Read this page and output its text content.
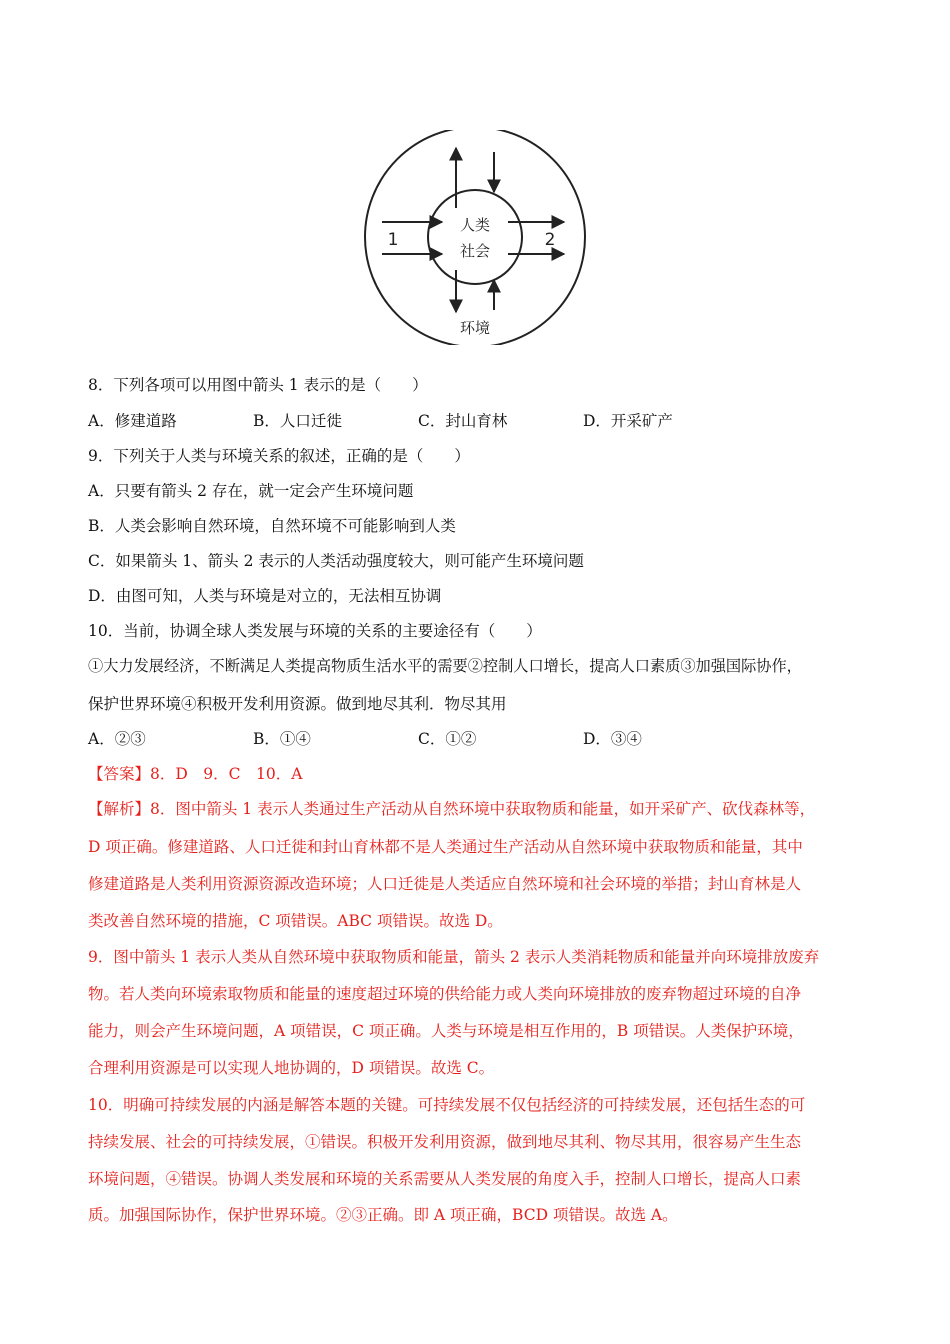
人类
社会
1	2
环境
8．下列各项可以用图中箭头 1 表示的是（　　）
A．修建道路	B．人口迁徙	C．封山育林	D．开采矿产
9．下列关于人类与环境关系的叙述，正确的是（　　）
A．只要有箭头 2 存在，就一定会产生环境问题
B．人类会影响自然环境，自然环境不可能影响到人类
C．如果箭头 1、箭头 2 表示的人类活动强度较大，则可能产生环境问题
D．由图可知，人类与环境是对立的，无法相互协调
10．当前，协调全球人类发展与环境的关系的主要途径有（　　）
①大力发展经济，不断满足人类提高物质生活水平的需要②控制人口增长，提高人口素质③加强国际协作，
保护世界环境④积极开发利用资源。做到地尽其利．物尽其用
A．②③	B．①④	C．①②	D．③④
【答案】8．D　9．C　10．A
【解析】8．图中箭头 1 表示人类通过生产活动从自然环境中获取物质和能量，如开采矿产、砍伐森林等，
D 项正确。修建道路、人口迁徙和封山育林都不是人类通过生产活动从自然环境中获取物质和能量，其中
修建道路是人类利用资源资源改造环境；人口迁徙是人类适应自然环境和社会环境的举措；封山育林是人
类改善自然环境的措施，C 项错误。ABC 项错误。故选 D。
9．图中箭头 1 表示人类从自然环境中获取物质和能量，箭头 2 表示人类消耗物质和能量并向环境排放废弃
物。若人类向环境索取物质和能量的速度超过环境的供给能力或人类向环境排放的废弃物超过环境的自净
能力，则会产生环境问题，A 项错误，C 项正确。人类与环境是相互作用的，B 项错误。人类保护环境，
合理利用资源是可以实现人地协调的，D 项错误。故选 C。
10．明确可持续发展的内涵是解答本题的关键。可持续发展不仅包括经济的可持续发展，还包括生态的可
持续发展、社会的可持续发展，①错误。积极开发利用资源，做到地尽其利、物尽其用，很容易产生生态
环境问题，④错误。协调人类发展和环境的关系需要从人类发展的角度入手，控制人口增长，提高人口素
质。加强国际协作，保护世界环境。②③正确。即 A 项正确，BCD 项错误。故选 A。
